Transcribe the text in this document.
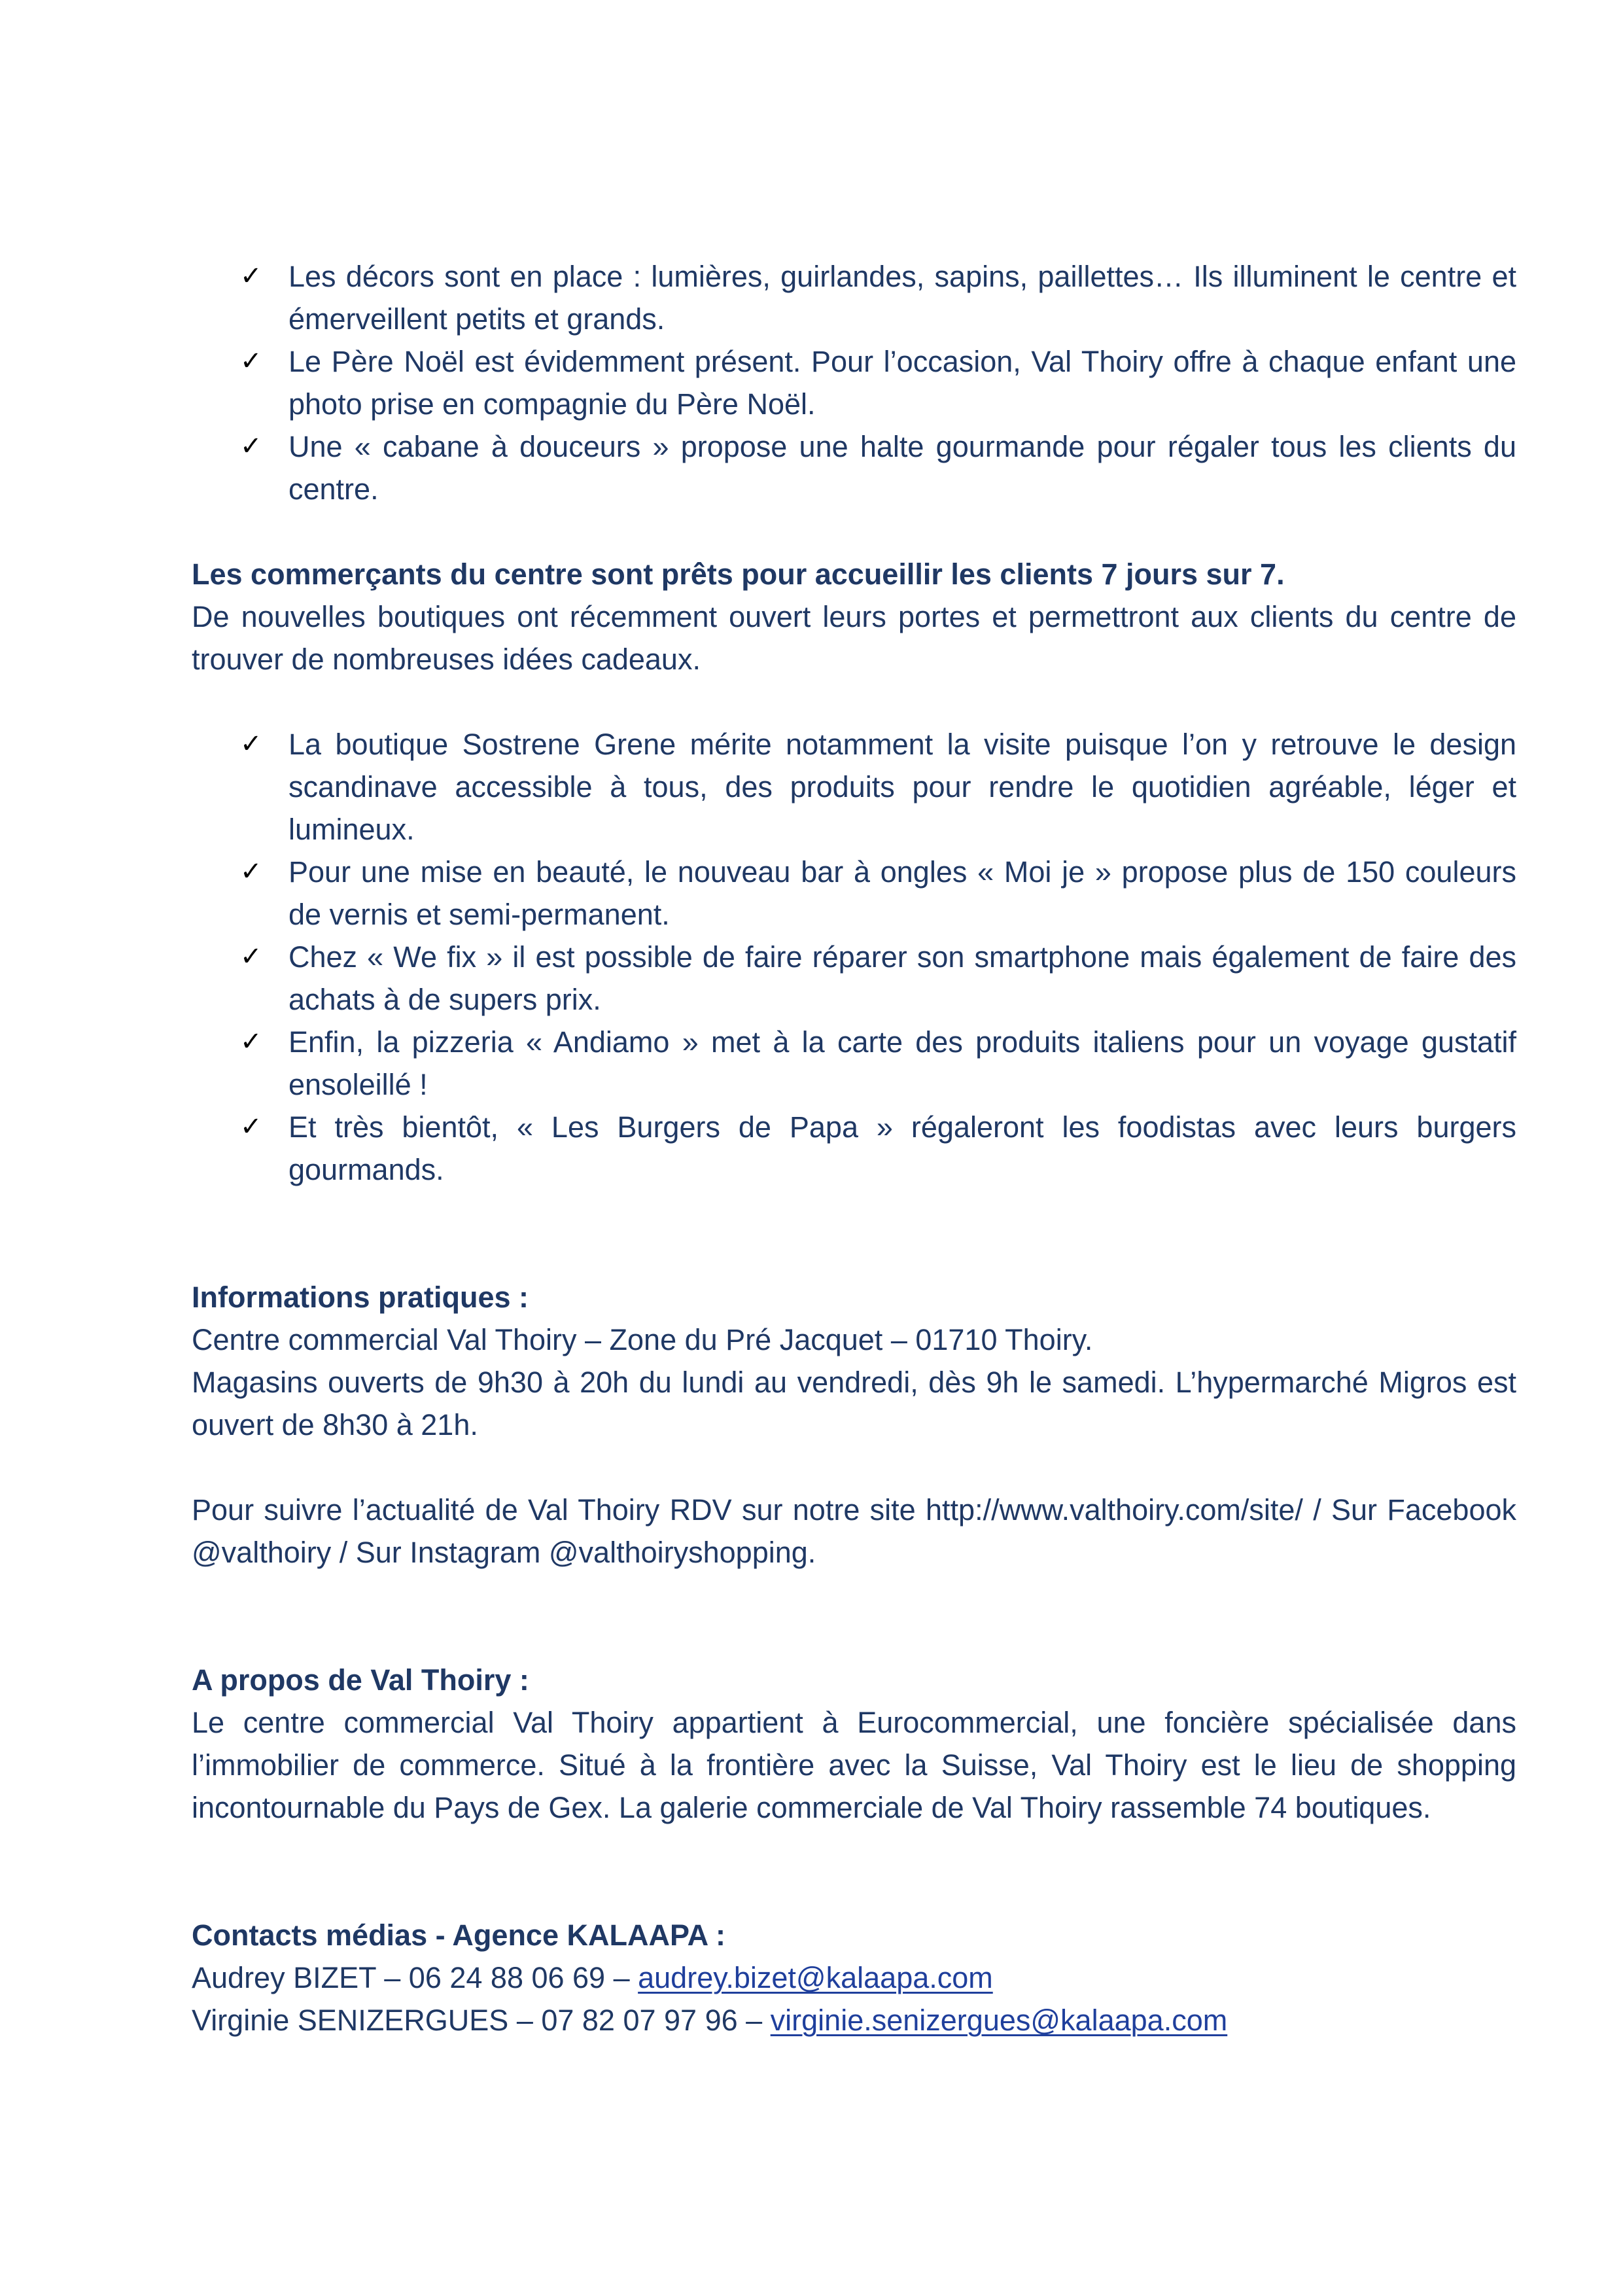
✓ Les décors sont en place : lumières, guirlandes, sapins, paillettes… Ils illuminent le centre et émerveillent petits et grands.
✓ Le Père Noël est évidemment présent. Pour l’occasion, Val Thoiry offre à chaque enfant une photo prise en compagnie du Père Noël.
✓ Une « cabane à douceurs » propose une halte gourmande pour régaler tous les clients du centre.

Les commerçants du centre sont prêts pour accueillir les clients 7 jours sur 7.

De nouvelles boutiques ont récemment ouvert leurs portes et permettront aux clients du centre de trouver de nombreuses idées cadeaux.

✓ La boutique Sostrene Grene mérite notamment la visite puisque l’on y retrouve le design scandinave accessible à tous, des produits pour rendre le quotidien agréable, léger et lumineux.
✓ Pour une mise en beauté, le nouveau bar à ongles « Moi je » propose plus de 150 couleurs de vernis et semi-permanent.
✓ Chez « We fix » il est possible de faire réparer son smartphone mais également de faire des achats à de supers prix.
✓ Enfin, la pizzeria « Andiamo » met à la carte des produits italiens pour un voyage gustatif ensoleillé !
✓ Et très bientôt, « Les Burgers de Papa » régaleront les foodistas avec leurs burgers gourmands.

Informations pratiques :

Centre commercial Val Thoiry – Zone du Pré Jacquet – 01710 Thoiry.

Magasins ouverts de 9h30 à 20h du lundi au vendredi, dès 9h le samedi. L’hypermarché Migros est ouvert de 8h30 à 21h.

Pour suivre l’actualité de Val Thoiry RDV sur notre site http://www.valthoiry.com/site/ / Sur Facebook @valthoiry / Sur Instagram @valthoiryshopping.

A propos de Val Thoiry :

Le centre commercial Val Thoiry appartient à Eurocommercial, une foncière spécialisée dans l’immobilier de commerce. Situé à la frontière avec la Suisse, Val Thoiry est le lieu de shopping incontournable du Pays de Gex. La galerie commerciale de Val Thoiry rassemble 74 boutiques.

Contacts médias - Agence KALAAPA :

Audrey BIZET – 06 24 88 06 69 – audrey.bizet@kalaapa.com

Virginie SENIZERGUES – 07 82 07 97 96 – virginie.senizergues@kalaapa.com
